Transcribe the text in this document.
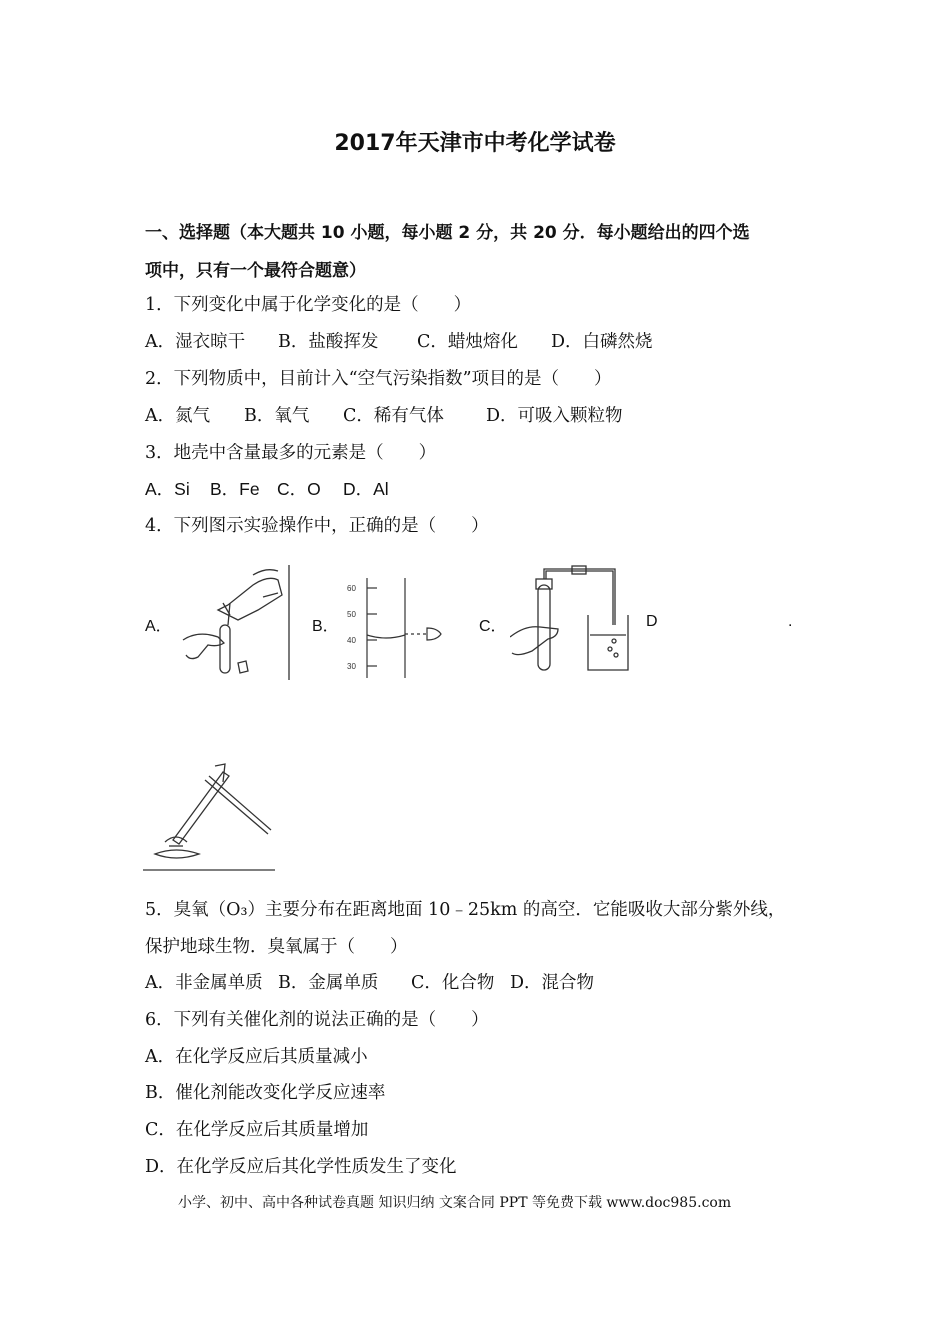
2017年天津市中考化学试卷
一、选择题（本大题共 10 小题，每小题 2 分，共 20 分．每小题给出的四个选
项中，只有一个最符合题意）
1．下列变化中属于化学变化的是（　　）
A．湿衣晾干 B．盐酸挥发 C．蜡烛熔化 D．白磷然烧
2．下列物质中，目前计入“空气污染指数”项目的是（　　）
A．氮气 B．氧气 C．稀有气体 D．可吸入颗粒物
3．地壳中含量最多的元素是（　　）
A．Si B．Fe C．O D．Al
4．下列图示实验操作中，正确的是（　　）
A．	B．	C．	D	.
60
50
40
30
5．臭氧（O₃）主要分布在距离地面 10﹣25km 的高空．它能吸收大部分紫外线，
保护地球生物．臭氧属于（　　）
A．非金属单质 B．金属单质 C．化合物 D．混合物
6．下列有关催化剂的说法正确的是（　　）
A．在化学反应后其质量减小
B．催化剂能改变化学反应速率
C．在化学反应后其质量增加
D．在化学反应后其化学性质发生了变化
小学、初中、高中各种试卷真题 知识归纳 文案合同 PPT 等免费下载 www.doc985.com
